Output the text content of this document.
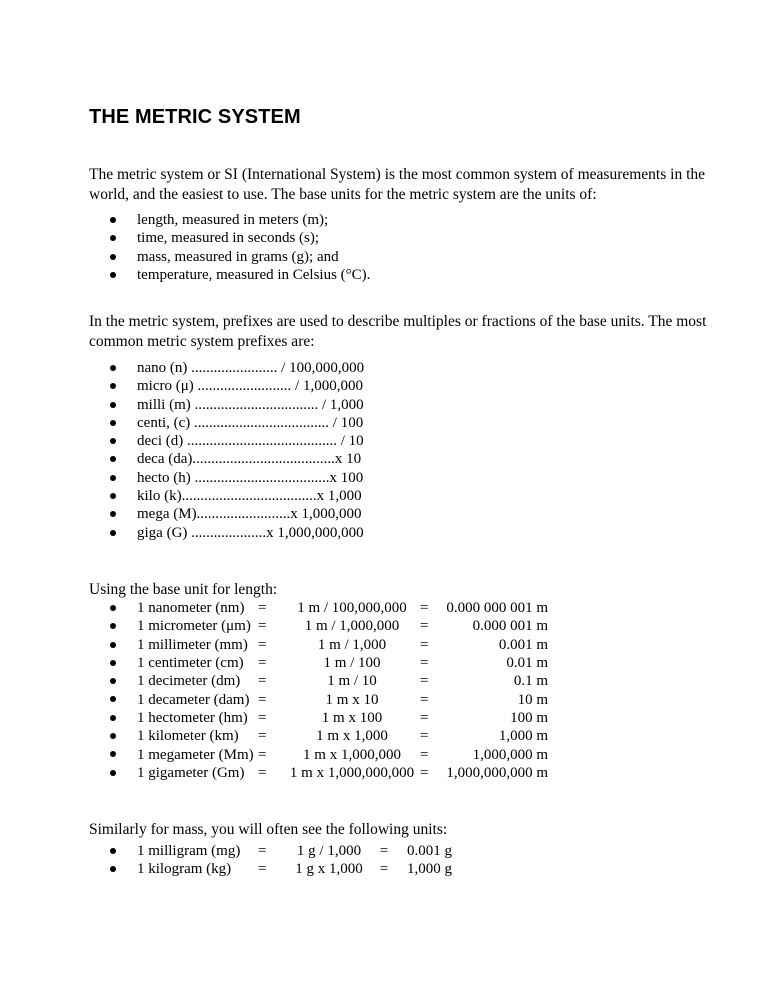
THE METRIC SYSTEM

The metric system or SI (International System) is the most common system of measurements in the world, and the easiest to use. The base units for the metric system are the units of:

length, measured in meters (m);
time, measured in seconds (s);
mass, measured in grams (g); and
temperature, measured in Celsius (°C).

In the metric system, prefixes are used to describe multiples or fractions of the base units. The most common metric system prefixes are:

nano (n) ....................... / 100,000,000
micro (μ) ......................... / 1,000,000
milli (m) ................................. / 1,000
centi, (c) .................................... / 100
deci (d) ........................................ / 10
deca (da)......................................x 10
hecto (h) ....................................x 100
kilo (k)....................................x 1,000
mega (M).........................x 1,000,000
giga (G) ....................x 1,000,000,000

Using the base unit for length:

1 nanometer (nm)	=	1 m / 100,000,000	=	0.000 000 001 m
1 micrometer (μm)	=	1 m / 1,000,000	=	0.000 001 m
1 millimeter (mm)	=	1 m / 1,000	=	0.001 m
1 centimeter (cm)	=	1 m / 100	=	0.01 m
1 decimeter (dm)	=	1 m / 10	=	0.1 m
1 decameter (dam)	=	1 m x 10	=	10 m
1 hectometer (hm)	=	1 m x 100	=	100 m
1 kilometer (km)	=	1 m x 1,000	=	1,000 m
1 megameter (Mm)	=	1 m x 1,000,000	=	1,000,000 m
1 gigameter (Gm)	=	1 m x 1,000,000,000	=	1,000,000,000 m

Similarly for mass, you will often see the following units:

1 milligram (mg)	=	1 g / 1,000	=	0.001 g
1 kilogram (kg)	=	1 g x 1,000	=	1,000 g
